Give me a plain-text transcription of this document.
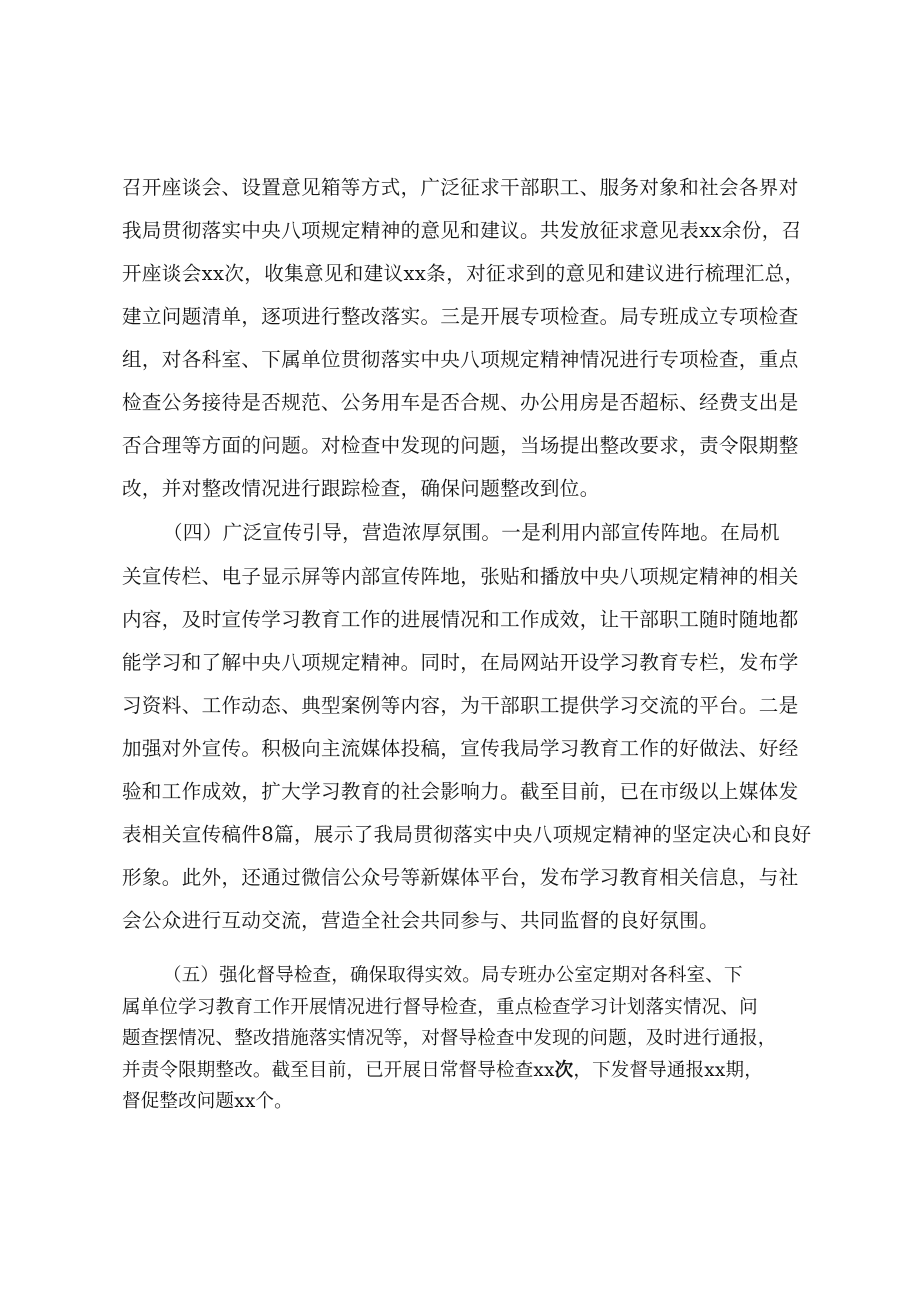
召开座谈会、设置意见箱等方式，广泛征求干部职工、服务对象和社会各界对
我局贯彻落实中央八项规定精神的意见和建议。共发放征求意见表xx余份，召
开座谈会xx次，收集意见和建议xx条，对征求到的意见和建议进行梳理汇总，
建立问题清单，逐项进行整改落实。三是开展专项检查。局专班成立专项检查
组，对各科室、下属单位贯彻落实中央八项规定精神情况进行专项检查，重点
检查公务接待是否规范、公务用车是否合规、办公用房是否超标、经费支出是
否合理等方面的问题。对检查中发现的问题，当场提出整改要求，责令限期整
改，并对整改情况进行跟踪检查，确保问题整改到位。
（四）广泛宣传引导，营造浓厚氛围。一是利用内部宣传阵地。在局机
关宣传栏、电子显示屏等内部宣传阵地，张贴和播放中央八项规定精神的相关
内容，及时宣传学习教育工作的进展情况和工作成效，让干部职工随时随地都
能学习和了解中央八项规定精神。同时，在局网站开设学习教育专栏，发布学
习资料、工作动态、典型案例等内容，为干部职工提供学习交流的平台。二是
加强对外宣传。积极向主流媒体投稿，宣传我局学习教育工作的好做法、好经
验和工作成效，扩大学习教育的社会影响力。截至目前，已在市级以上媒体发
表相关宣传稿件8篇，展示了我局贯彻落实中央八项规定精神的坚定决心和良好
形象。此外，还通过微信公众号等新媒体平台，发布学习教育相关信息，与社
会公众进行互动交流，营造全社会共同参与、共同监督的良好氛围。
（五）强化督导检查，确保取得实效。局专班办公室定期对各科室、下
属单位学习教育工作开展情况进行督导检查，重点检查学习计划落实情况、问
题查摆情况、整改措施落实情况等，对督导检查中发现的问题，及时进行通报，
并责令限期整改。截至目前，已开展日常督导检查xx次，下发督导通报xx期，
督促整改问题xx个。
